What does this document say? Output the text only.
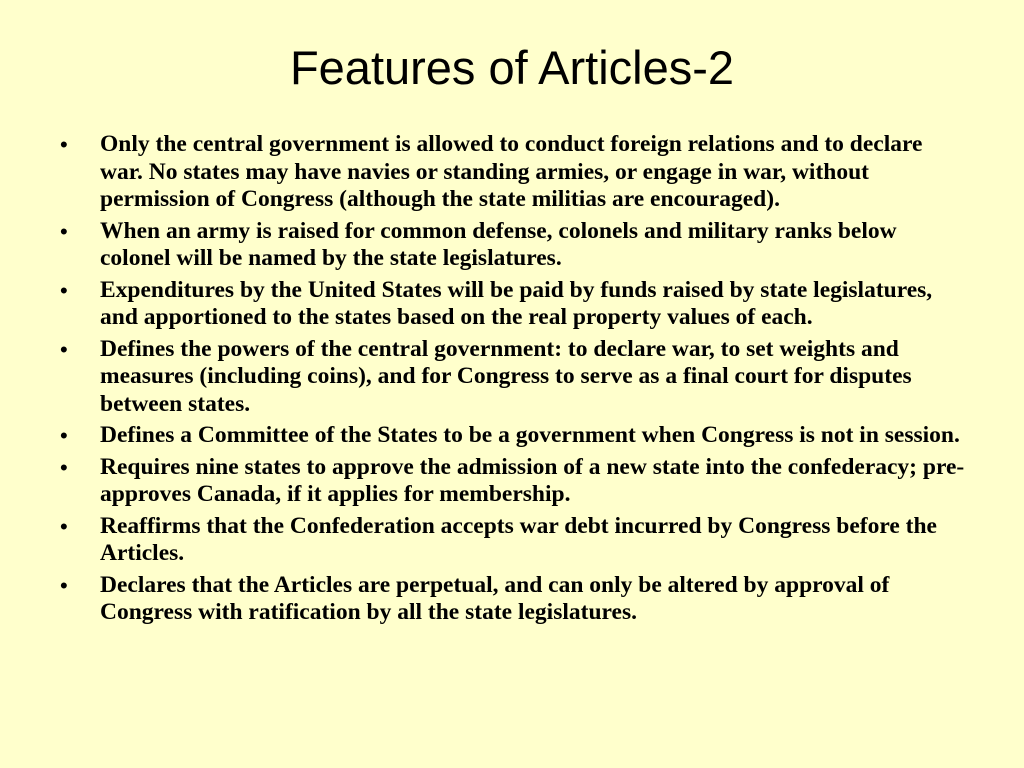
Features of Articles-2
•	Only the central government is allowed to conduct foreign relations and to declare war. No states may have navies or standing armies, or engage in war, without permission of Congress (although the state militias are encouraged).
•	When an army is raised for common defense, colonels and military ranks below colonel will be named by the state legislatures.
•	Expenditures by the United States will be paid by funds raised by state legislatures, and apportioned to the states based on the real property values of each.
•	Defines the powers of the central government: to declare war, to set weights and measures (including coins), and for Congress to serve as a final court for disputes between states.
•	Defines a Committee of the States to be a government when Congress is not in session.
•	Requires nine states to approve the admission of a new state into the confederacy; pre-approves Canada, if it applies for membership.
•	Reaffirms that the Confederation accepts war debt incurred by Congress before the Articles.
•	Declares that the Articles are perpetual, and can only be altered by approval of Congress with ratification by all the state legislatures.
